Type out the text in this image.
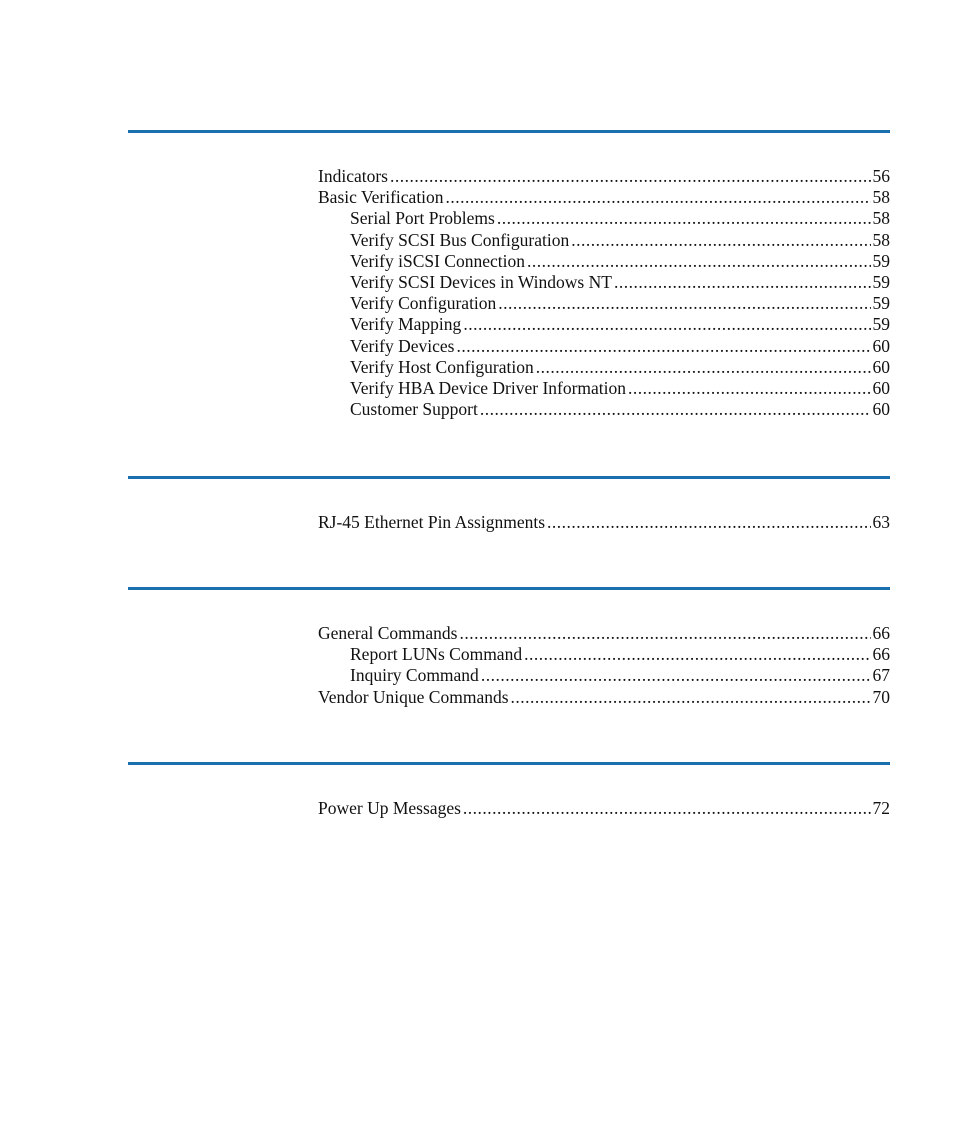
Indicators .....	56
Basic Verification .....	58
Serial Port Problems .....	58
Verify SCSI Bus Configuration .....	58
Verify iSCSI Connection .....	59
Verify SCSI Devices in Windows NT .....	59
Verify Configuration .....	59
Verify Mapping .....	59
Verify Devices .....	60
Verify Host Configuration .....	60
Verify HBA Device Driver Information .....	60
Customer Support .....	60
RJ-45 Ethernet Pin Assignments .....	63
General Commands .....	66
Report LUNs Command .....	66
Inquiry Command .....	67
Vendor Unique Commands .....	70
Power Up Messages .....	72
